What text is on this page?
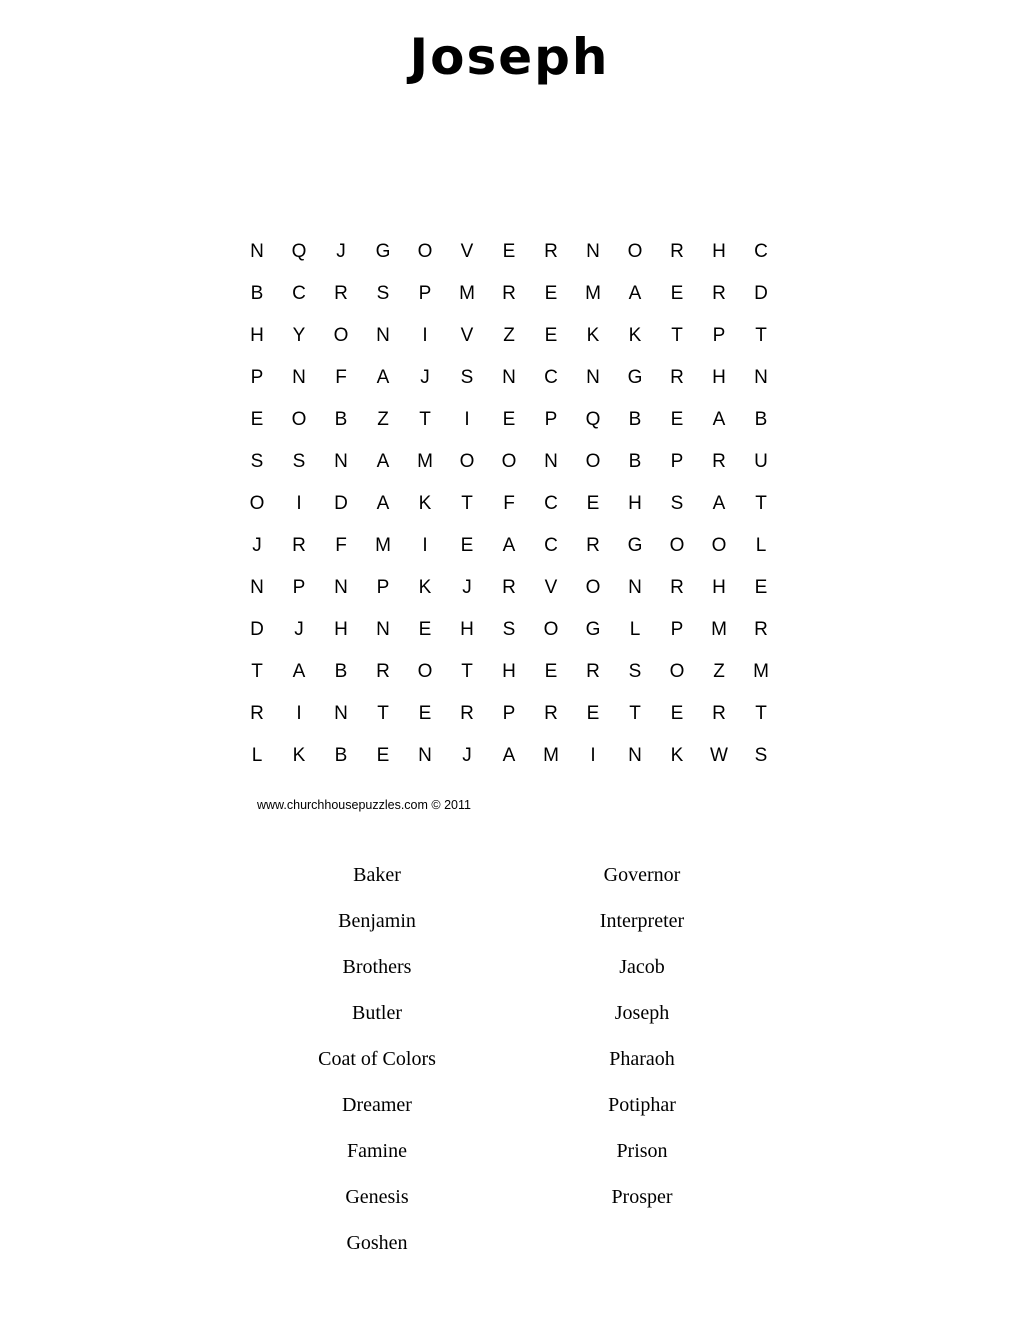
Joseph
N	Q	J	G	O	V	E	R	N	O	R	H	C
B	C	R	S	P	M	R	E	M	A	E	R	D
H	Y	O	N	I	V	Z	E	K	K	T	P	T
P	N	F	A	J	S	N	C	N	G	R	H	N
E	O	B	Z	T	I	E	P	Q	B	E	A	B
S	S	N	A	M	O	O	N	O	B	P	R	U
O	I	D	A	K	T	F	C	E	H	S	A	T
J	R	F	M	I	E	A	C	R	G	O	O	L
N	P	N	P	K	J	R	V	O	N	R	H	E
D	J	H	N	E	H	S	O	G	L	P	M	R
T	A	B	R	O	T	H	E	R	S	O	Z	M
R	I	N	T	E	R	P	R	E	T	E	R	T
L	K	B	E	N	J	A	M	I	N	K	W	S
www.churchhousepuzzles.com © 2011
Baker
Benjamin
Brothers
Butler
Coat of Colors
Dreamer
Famine
Genesis
Goshen
Governor
Interpreter
Jacob
Joseph
Pharaoh
Potiphar
Prison
Prosper
